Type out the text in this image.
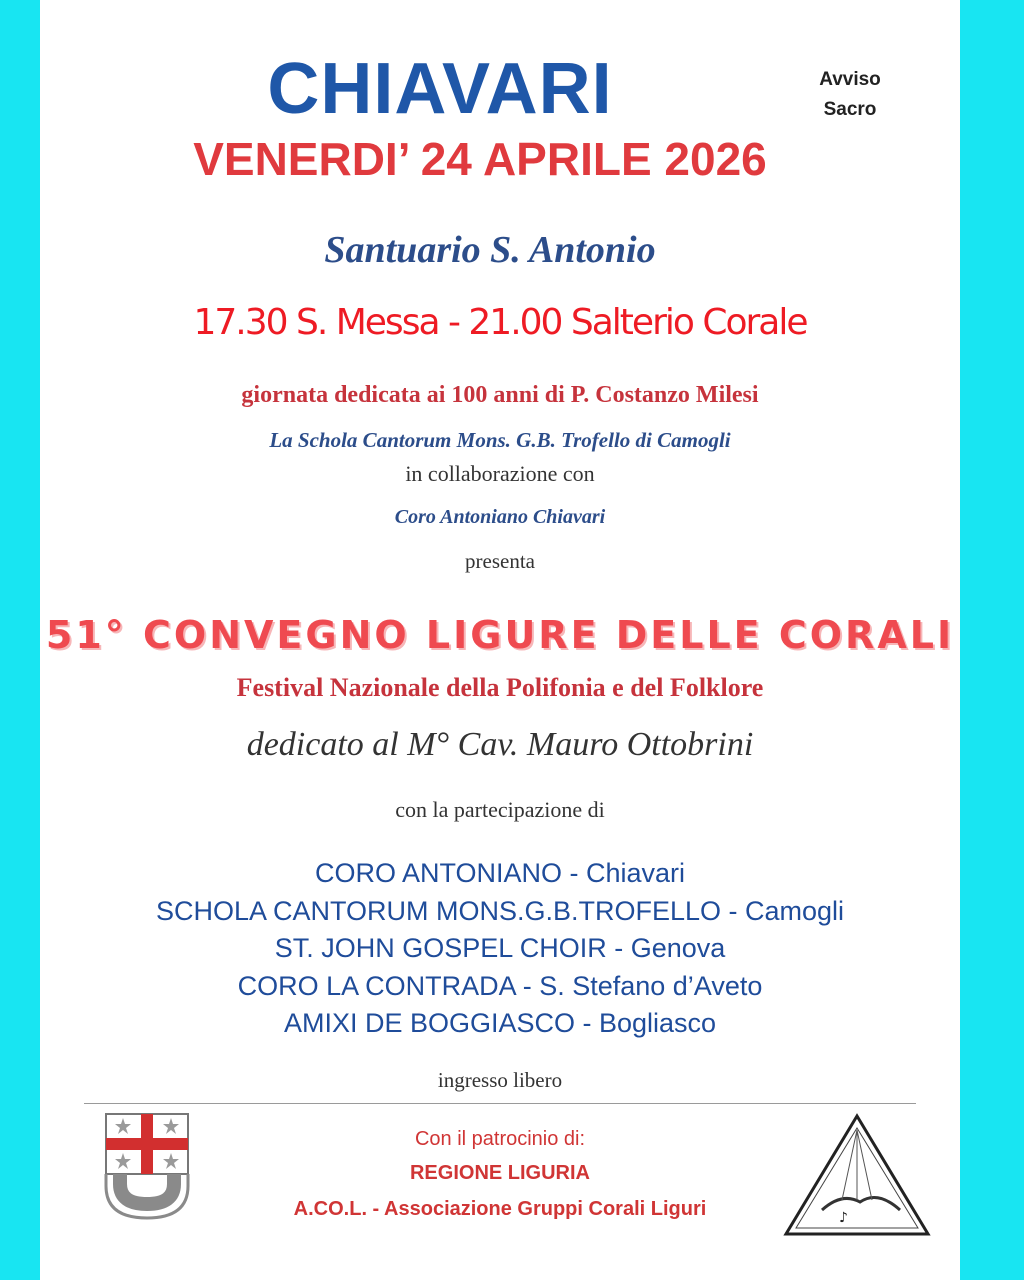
CHIAVARI	Avviso
Sacro
VENERDI’ 24 APRILE 2026
Santuario S. Antonio
17.30 S. Messa - 21.00 Salterio Corale
giornata dedicata ai 100 anni di P. Costanzo Milesi
La Schola Cantorum Mons. G.B. Trofello di Camogli
in collaborazione con
Coro Antoniano Chiavari
presenta
51° CONVEGNO LIGURE DELLE CORALI
Festival Nazionale della Polifonia e del Folklore
dedicato al M° Cav. Mauro Ottobrini
con la partecipazione di
CORO ANTONIANO - Chiavari
SCHOLA CANTORUM MONS.G.B.TROFELLO - Camogli
ST. JOHN GOSPEL CHOIR - Genova
CORO LA CONTRADA - S. Stefano d’Aveto
AMIXI DE BOGGIASCO - Bogliasco
ingresso libero
Con il patrocinio di:
REGIONE LIGURIA
A.CO.L. - Associazione Gruppi Corali Liguri	♪
